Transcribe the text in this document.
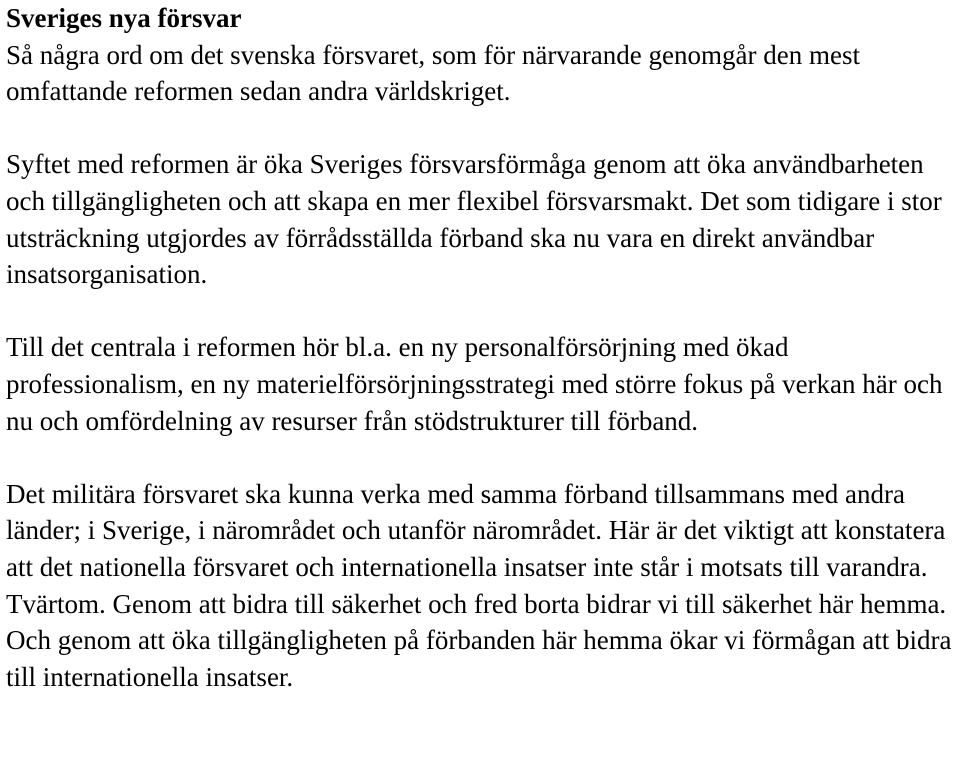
Sveriges nya försvar

Så några ord om det svenska försvaret, som för närvarande genomgår den mest omfattande reformen sedan andra världskriget.

Syftet med reformen är öka Sveriges försvarsförmåga genom att öka användbarheten och tillgängligheten och att skapa en mer flexibel försvarsmakt. Det som tidigare i stor utsträckning utgjordes av förrådsställda förband ska nu vara en direkt användbar insatsorganisation.

Till det centrala i reformen hör bl.a. en ny personalförsörjning med ökad professionalism, en ny materielförsörjningsstrategi med större fokus på verkan här och nu och omfördelning av resurser från stödstrukturer till förband.

Det militära försvaret ska kunna verka med samma förband tillsammans med andra länder; i Sverige, i närområdet och utanför närområdet. Här är det viktigt att konstatera att det nationella försvaret och internationella insatser inte står i motsats till varandra. Tvärtom. Genom att bidra till säkerhet och fred borta bidrar vi till säkerhet här hemma. Och genom att öka tillgängligheten på förbanden här hemma ökar vi förmågan att bidra till internationella insatser.
